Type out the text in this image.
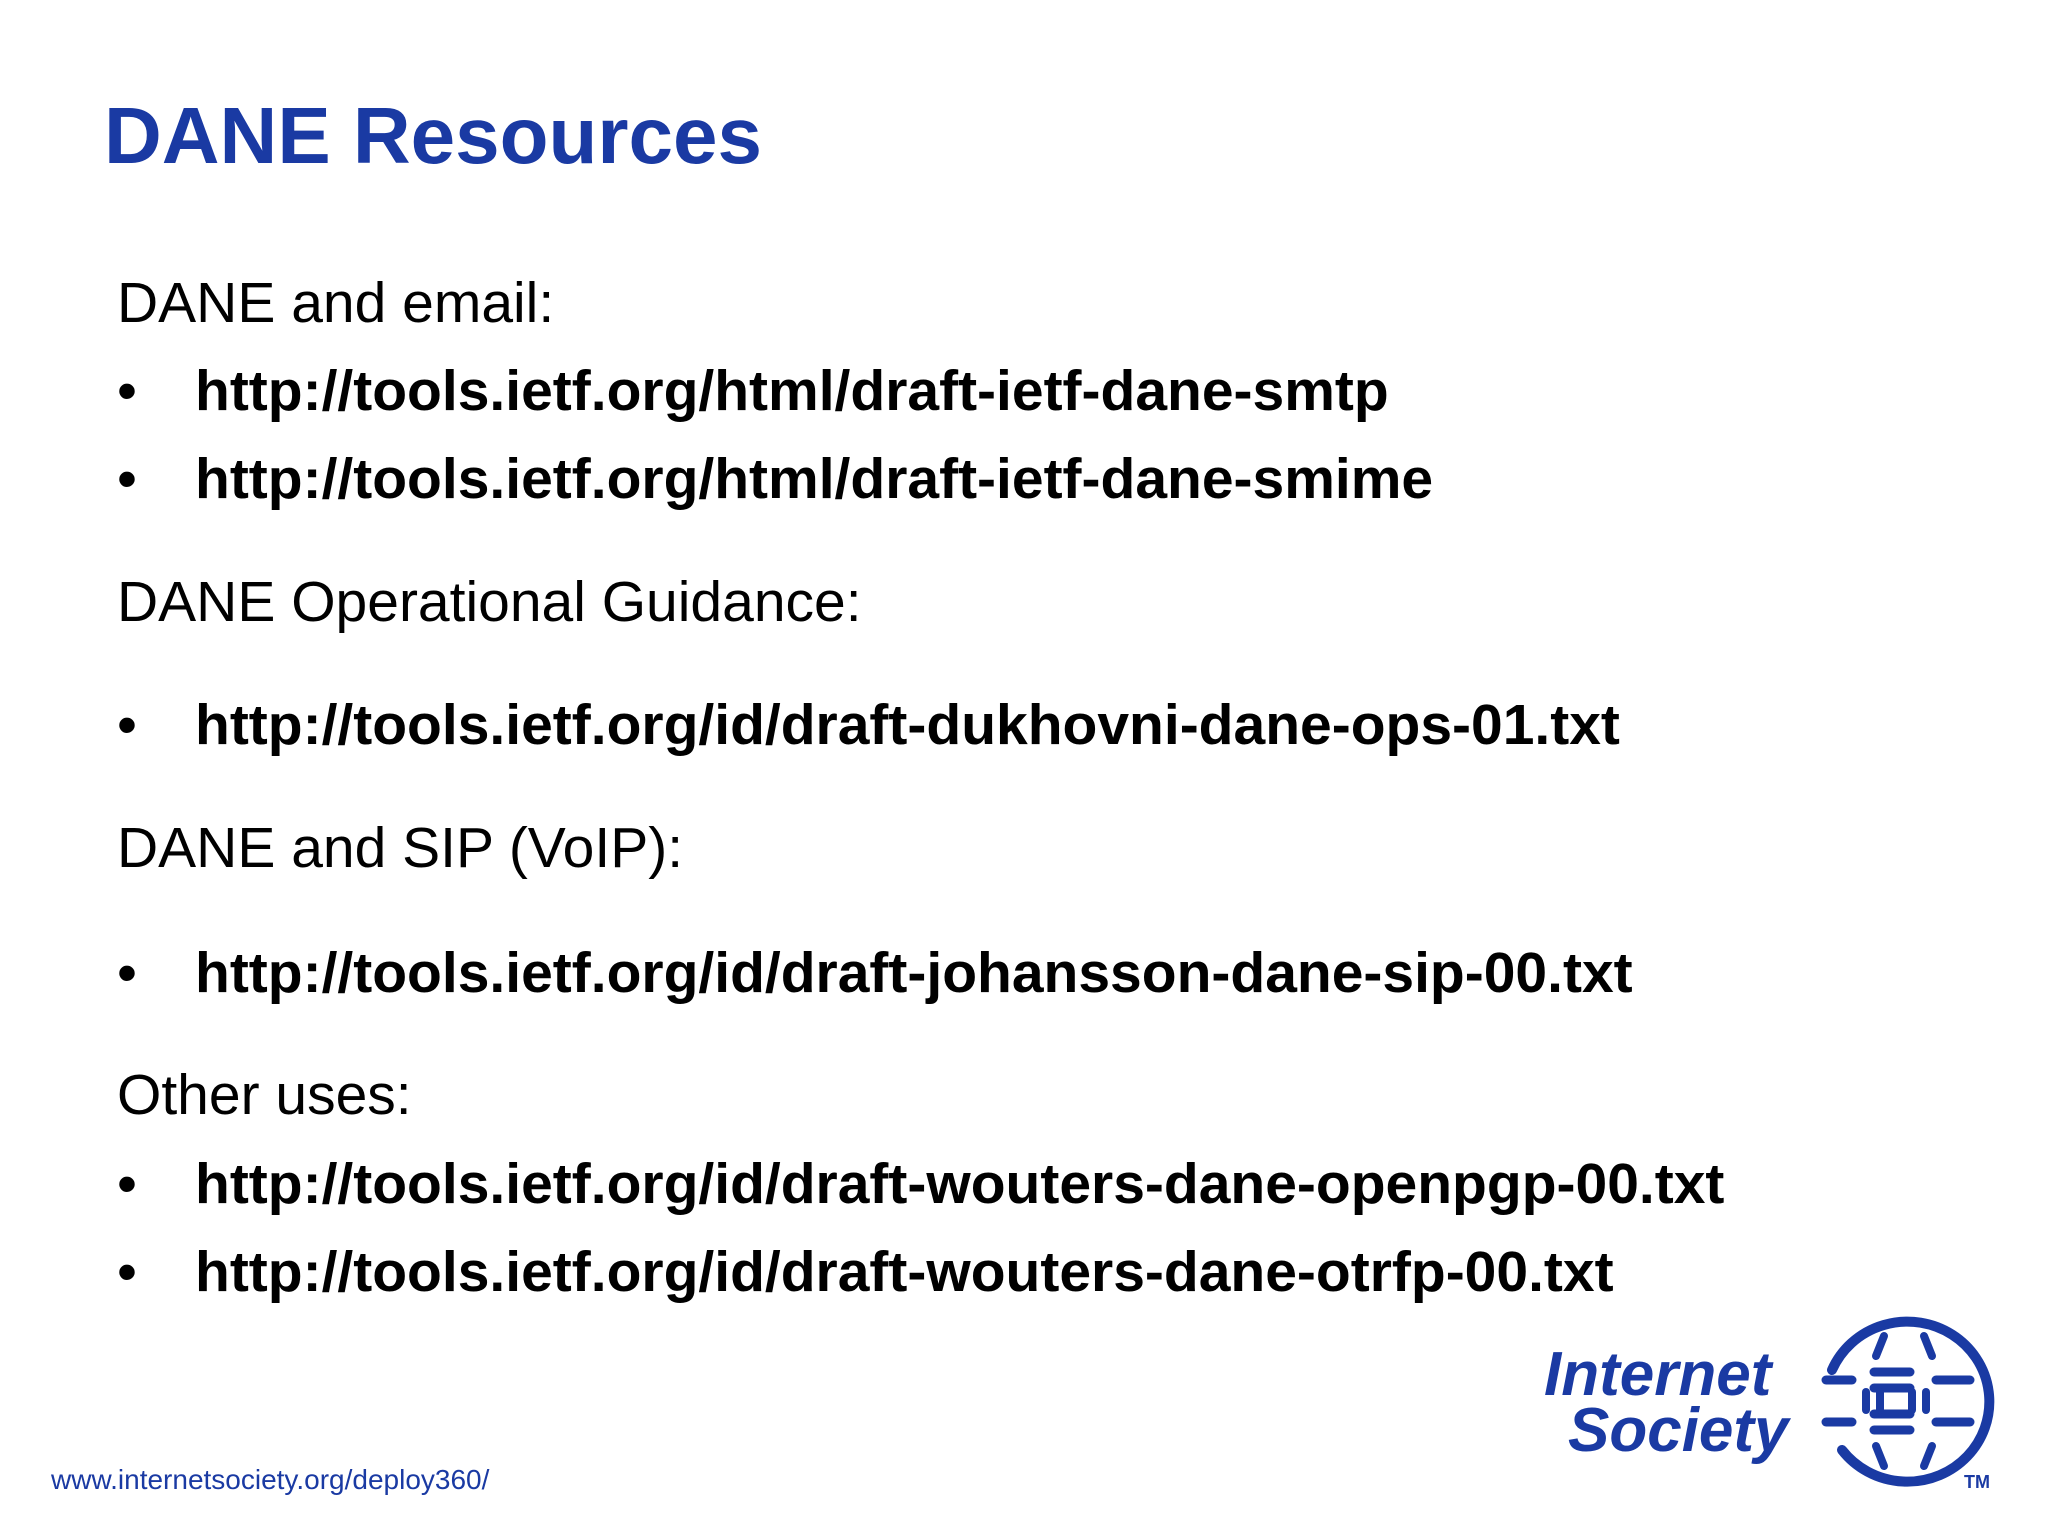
DANE Resources
DANE and email:
• http://tools.ietf.org/html/draft-ietf-dane-smtp
• http://tools.ietf.org/html/draft-ietf-dane-smime
DANE Operational Guidance:
• http://tools.ietf.org/id/draft-dukhovni-dane-ops-01.txt
DANE and SIP (VoIP):
• http://tools.ietf.org/id/draft-johansson-dane-sip-00.txt
Other uses:
• http://tools.ietf.org/id/draft-wouters-dane-openpgp-00.txt
• http://tools.ietf.org/id/draft-wouters-dane-otrfp-00.txt
www.internetsociety.org/deploy360/
Internet
Society
TM
